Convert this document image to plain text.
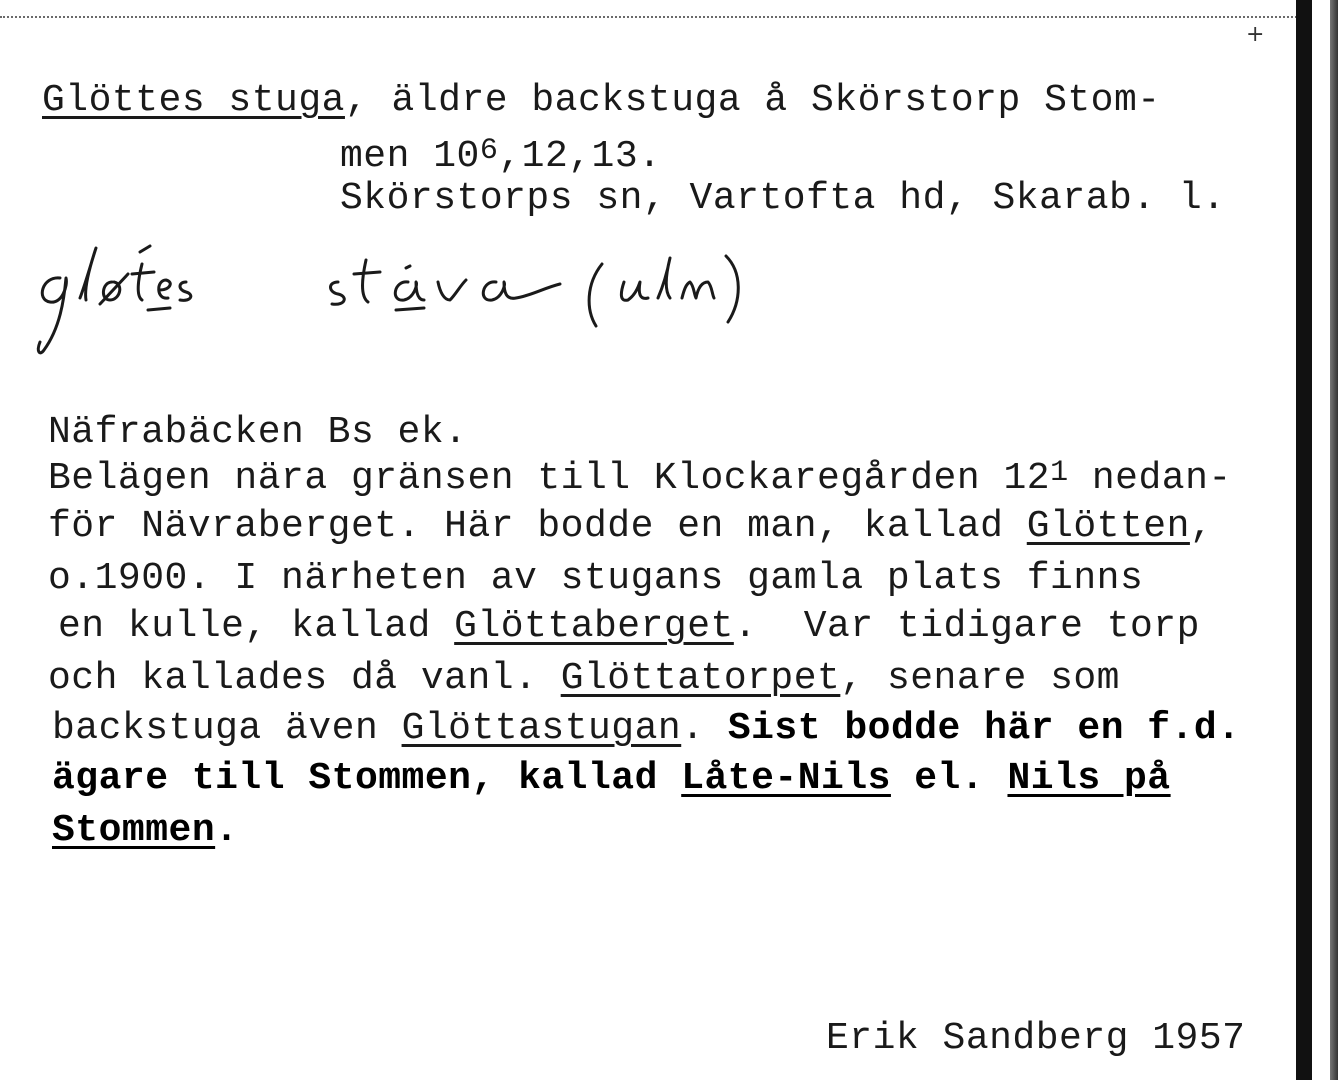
+
Glöttes stuga, äldre backstuga å Skörstorp Stom-
men $10^6,12,13$.
Skörstorps sn, Vartofta hd, Skarab. l.
Näfrabäcken Bs ek.
Belägen nära gränsen till Klockaregården $12^1$ nedan-
för Nävraberget. Här bodde en man, kallad Glötten,
o.1900. I närheten av stugans gamla plats finns
en kulle, kallad Glöttaberget.  Var tidigare torp
och kallades då vanl. Glöttatorpet, senare som
backstuga även Glöttastugan. Sist bodde här en f.d.
ägare till Stommen, kallad Låte-Nils el. Nils på
Stommen.
Erik Sandberg 1957
